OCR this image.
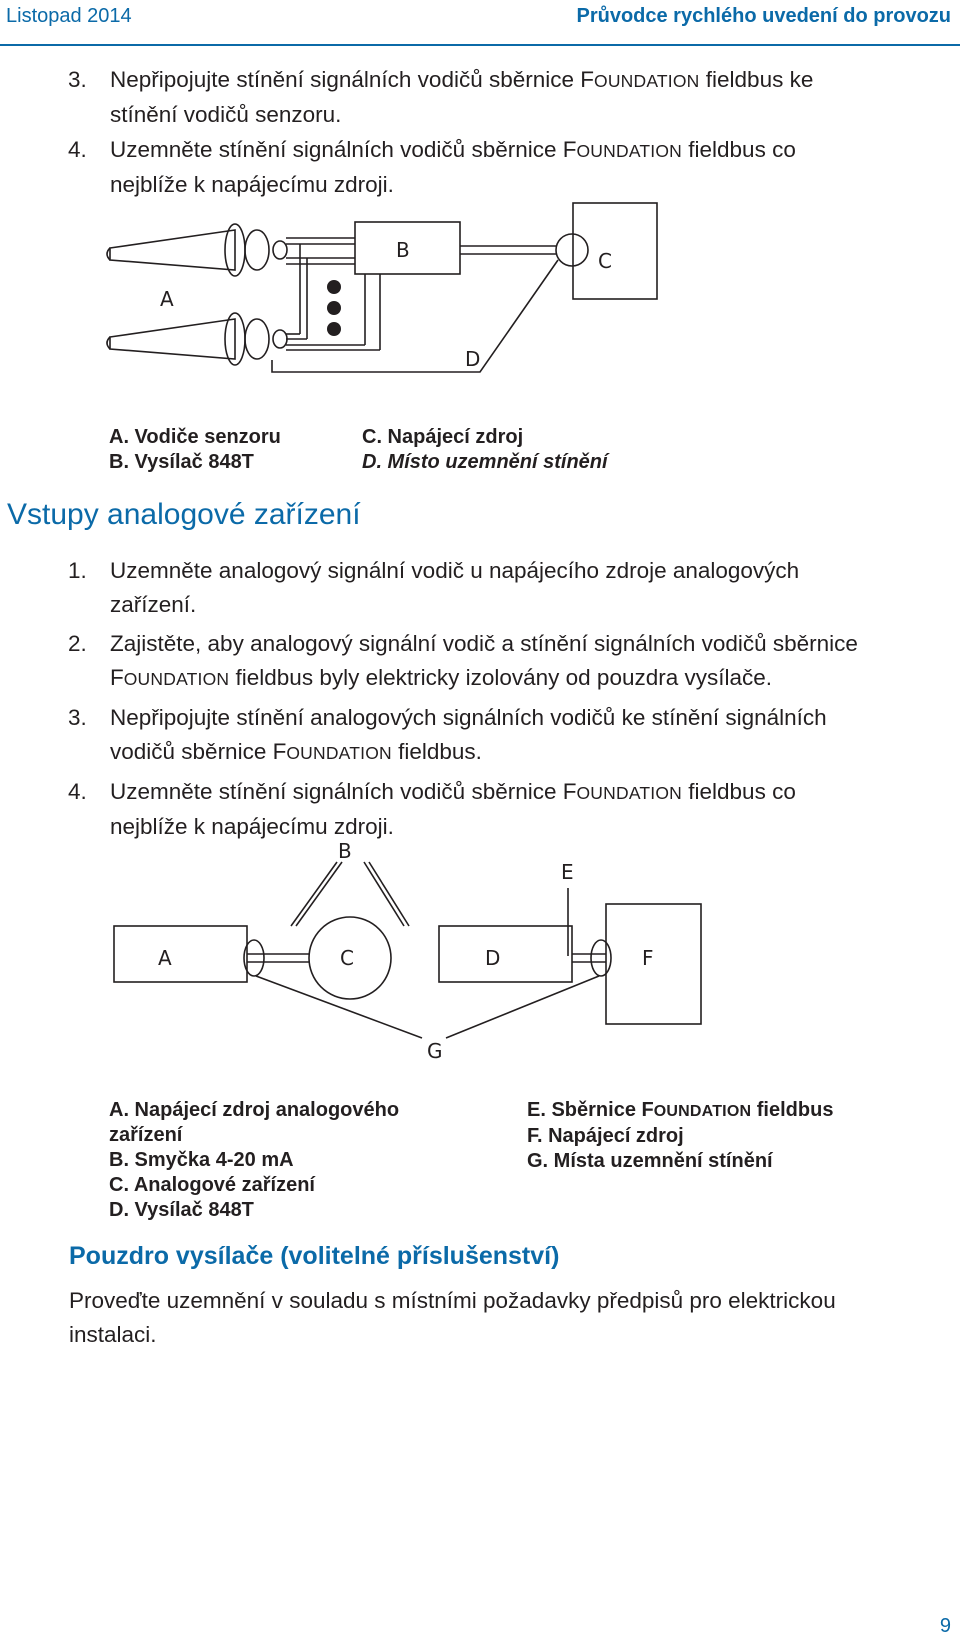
Listopad 2014	Průvodce rychlého uvedení do provozu
3. Nepřipojujte stínění signálních vodičů sběrnice FOUNDATION fieldbus ke
stínění vodičů senzoru.
4. Uzemněte stínění signálních vodičů sběrnice FOUNDATION fieldbus co
nejblíže k napájecímu zdroji.
A
B	C
D
A. Vodiče senzoru
B. Vysílač 848T
C. Napájecí zdroj
D. Místo uzemnění stínění
Vstupy analogové zařízení
1. Uzemněte analogový signální vodič u napájecího zdroje analogových
zařízení.
2. Zajistěte, aby analogový signální vodič a stínění signálních vodičů sběrnice
FOUNDATION fieldbus byly elektricky izolovány od pouzdra vysílače.
3. Nepřipojujte stínění analogových signálních vodičů ke stínění signálních
vodičů sběrnice FOUNDATION fieldbus.
4. Uzemněte stínění signálních vodičů sběrnice FOUNDATION fieldbus co
nejblíže k napájecímu zdroji.
A
B
C	D
E
F
G
A. Napájecí zdroj analogového
zařízení
B. Smyčka 4-20 mA
C. Analogové zařízení
D. Vysílač 848T
E. Sběrnice FOUNDATION fieldbus
F. Napájecí zdroj
G. Místa uzemnění stínění
Pouzdro vysílače (volitelné příslušenství)
Proveďte uzemnění v souladu s místními požadavky předpisů pro elektrickou
instalaci.
9
